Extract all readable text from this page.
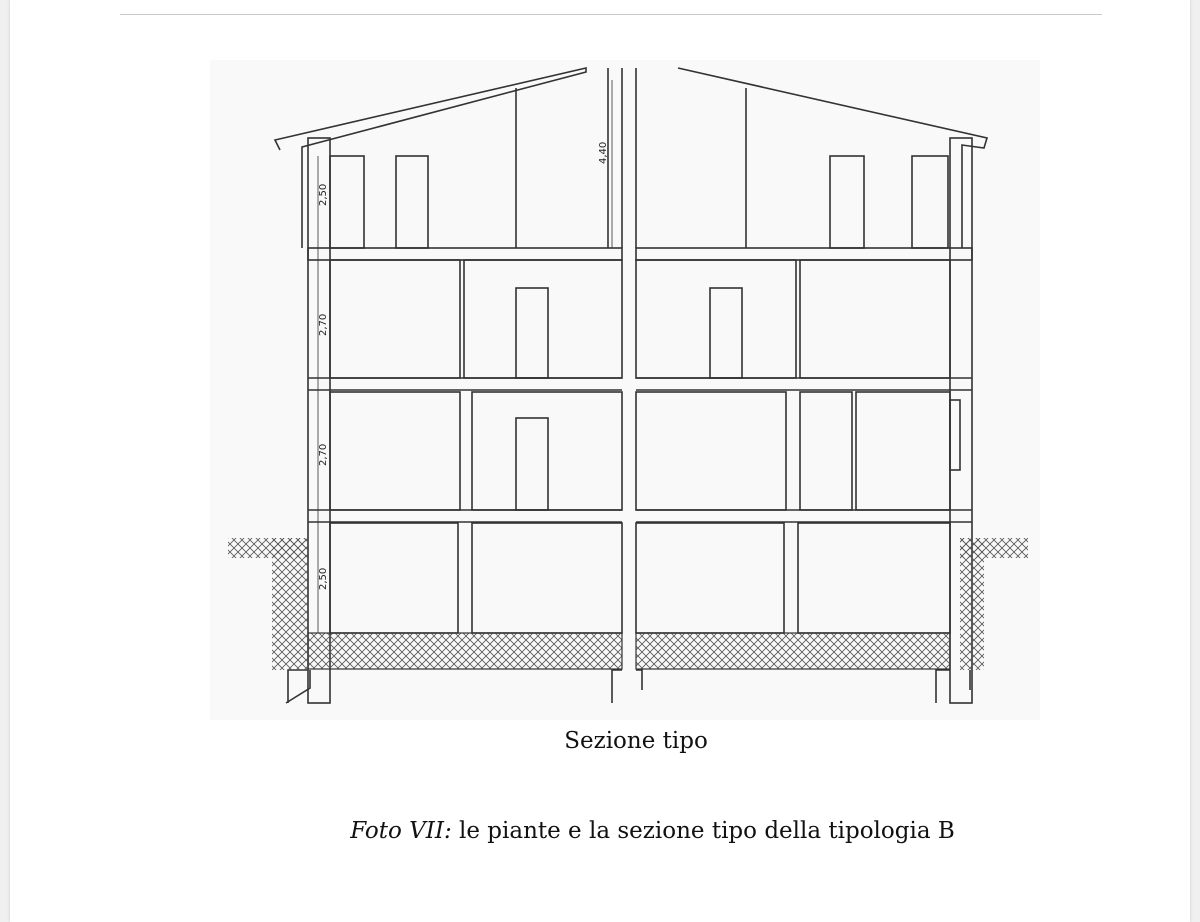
4,40
2,50
2,70
2,70
2,50
Sezione tipo
Foto VII: le piante e la sezione tipo della tipologia B
